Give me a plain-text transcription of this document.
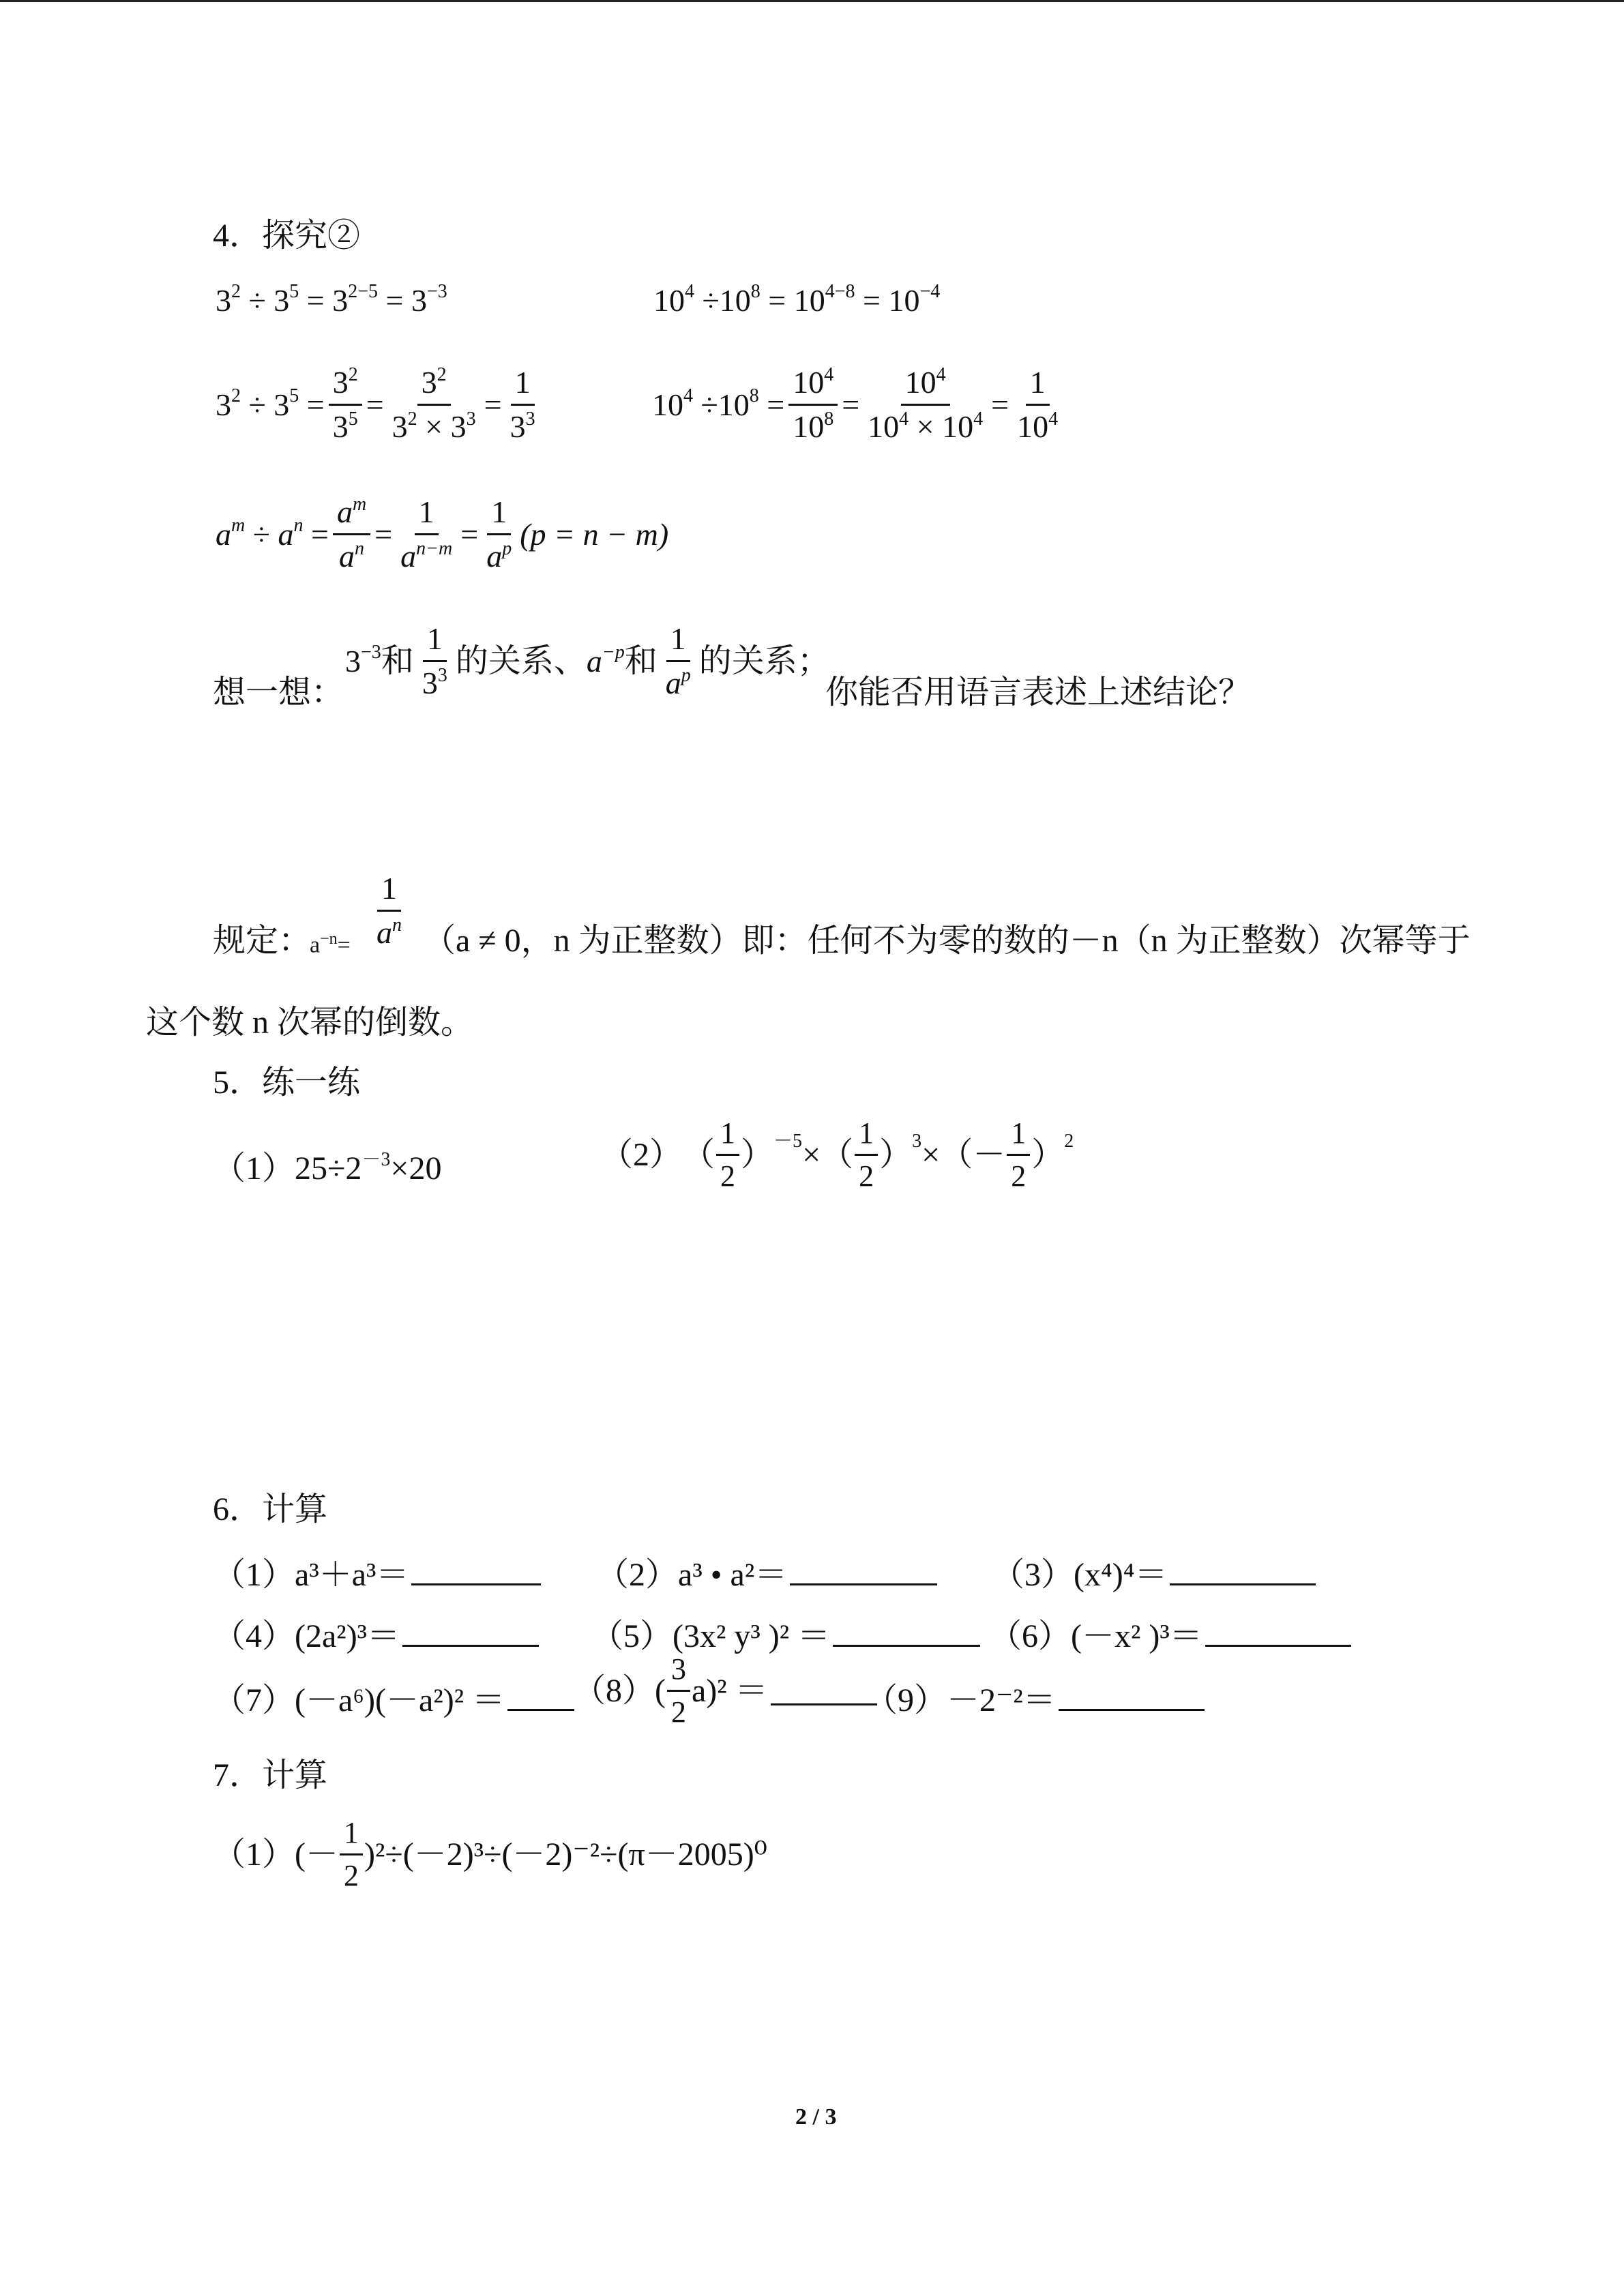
4．探究②
$3^2 \div 3^5 = 3^{2-5} = 3^{-3}$	$10^4 \div 10^8 = 10^{4-8} = 10^{-4}$
$3^2 \div 3^5 = \frac{3^2}{3^5} = \frac{3^2}{3^2 \times 3^3} = \frac{1}{3^3}$	$10^4 \div 10^8 = \frac{10^4}{10^8} = \frac{10^4}{10^4 \times 10^4} = \frac{1}{10^4}$
$a^m \div a^n = \frac{a^m}{a^n} = \frac{1}{a^{n-m}} = \frac{1}{a^p} (p = n - m)$
想一想：
$3^{-3}$ 和 $\frac{1}{3^3}$ 的关系、 $a^{-p}$ 和 $\frac{1}{a^p}$ 的关系；
你能否用语言表述上述结论？
规定：
$a^{-n}= \frac{1}{a^n} (a \ne 0$，n 为正整数）即：任何不为零的数的－n（n 为正整数）次幂等于
这个数 n 次幂的倒数。
5．练一练
$(1)25\div 2^{-3}\times 20$	（2） （ $\frac{1}{2} )^{-5}$ × （ $\frac{1}{2} )^3$ × （－ $\frac{1}{2} )^2$
6．计算
（1）a³＋a³＝	（2）a³ • a²＝	（3）(x⁴)⁴＝
（4）(2a²)³＝	（5）(3x² y³ )² ＝	（6）(－x² )³＝
（7）(－a⁶)(－a²)² ＝	（8） ( $\frac{3}{2} a)^2$ ＝	（9）－2⁻²＝
7．计算
（1） (－ $\frac{1}{2} )^2\div(-2)^3\div(-2)^{-2}\div(\pi-2005)^0$
2 / 3
